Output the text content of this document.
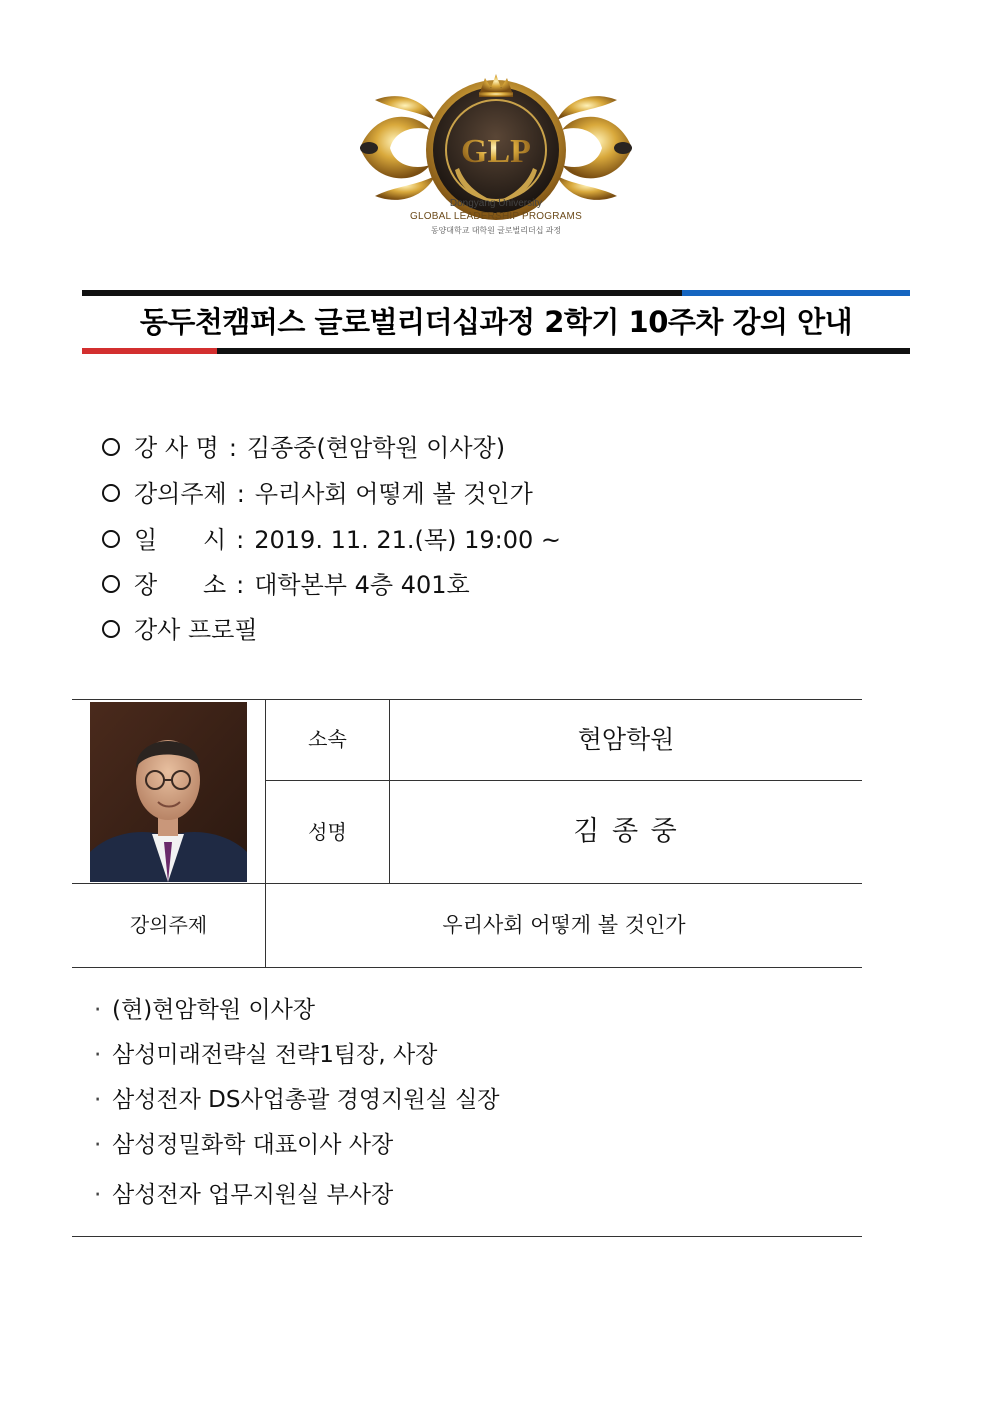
GLP
Dongyang University
GLOBAL LEADERSHIP PROGRAMS
동양대학교 대학원 글로벌리더십 과정
동두천캠퍼스 글로벌리더십과정 2학기 10주차 강의 안내
강 사 명 : 김종중(현암학원 이사장)
강의주제 : 우리사회 어떻게 볼 것인가
일      시 : 2019. 11. 21.(목) 19:00 ~
장      소 : 대학본부 4층 401호
강사 프로필
소속	현암학원
성명	김 종 중
강의주제	우리사회 어떻게 볼 것인가
· (현)현암학원 이사장
· 삼성미래전략실 전략1팀장, 사장
· 삼성전자 DS사업총괄 경영지원실 실장
· 삼성정밀화학 대표이사 사장
· 삼성전자 업무지원실 부사장
